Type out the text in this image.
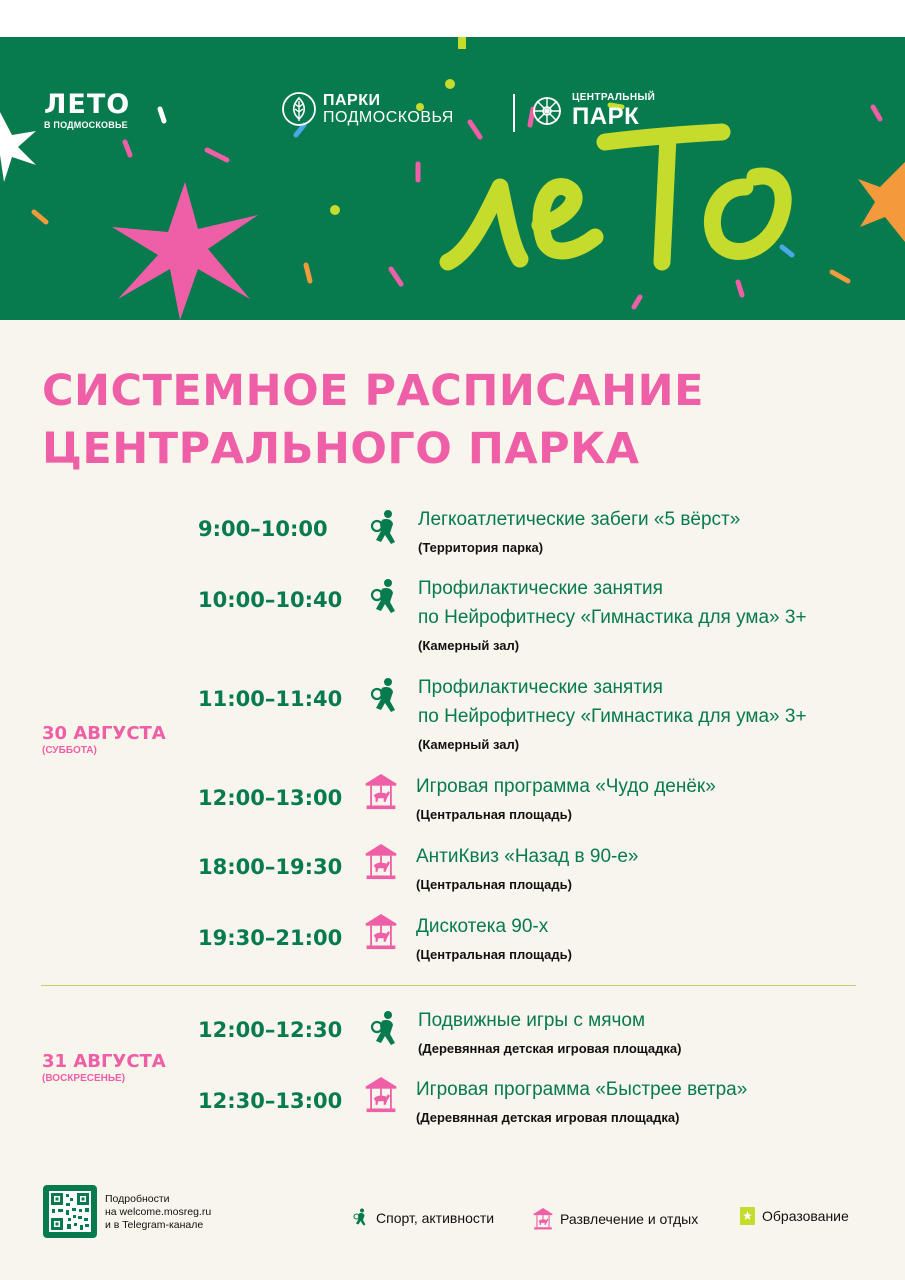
ЛЕТО
В ПОДМОСКОВЬЕ
ПАРКИ
ПОДМОСКОВЬЯ
ЦЕНТРАЛЬНЫЙ
ПАРК
СИСТЕМНОЕ РАСПИСАНИЕ
ЦЕНТРАЛЬНОГО ПАРКА
30 АВГУСТА
(СУББОТА)
9:00–10:00	Легкоатлетические забеги «5 вёрст»
(Территория парка)
10:00–10:40	Профилактические занятия
по Нейрофитнесу «Гимнастика для ума» 3+
(Камерный зал)
11:00–11:40	Профилактические занятия
по Нейрофитнесу «Гимнастика для ума» 3+
(Камерный зал)
12:00–13:00	Игровая программа «Чудо денёк»
(Центральная площадь)
18:00–19:30	АнтиКвиз «Назад в 90-е»
(Центральная площадь)
19:30–21:00	Дискотека 90-х
(Центральная площадь)
31 АВГУСТА
(ВОСКРЕСЕНЬЕ)
12:00–12:30	Подвижные игры с мячом
(Деревянная детская игровая площадка)
12:30–13:00	Игровая программа «Быстрее ветра»
(Деревянная детская игровая площадка)
Подробности
на welcome.mosreg.ru
и в Telegram-канале	Спорт, активности	Развлечение и отдых	Образование
